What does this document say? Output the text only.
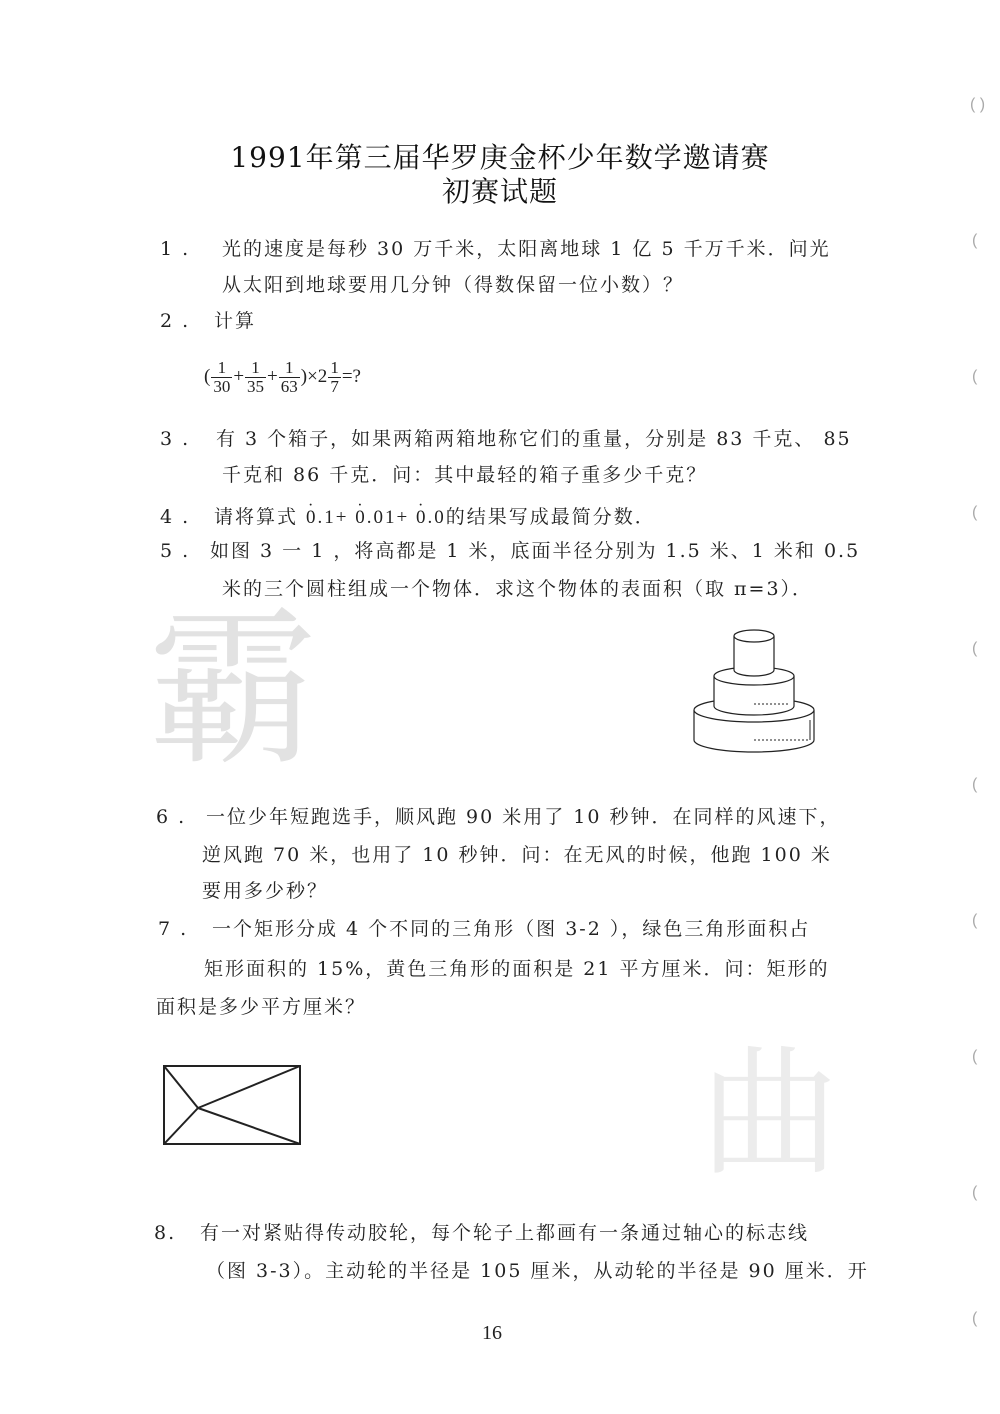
霸
曲
( )
(
(
(
(
(
(
(
(
(
1991年第三届华罗庚金杯少年数学邀请赛
初赛试题
1 . 光的速度是每秒 30 万千米，太阳离地球 1 亿 5 千万千米．问光
从太阳到地球要用几分钟（得数保留一位小数）？
2 . 计算
( $\frac{1}{30} + \frac{1}{35} + \frac{1}{63} )\times 2 \frac{1}{7}$ =?
3 . 有 3 个箱子，如果两箱两箱地称它们的重量，分别是 83 千克、 85
千克和 86 千克．问：其中最轻的箱子重多少千克？
4 . 请将算式 0.1 ·+ 0.01 ·+ 0.0 ·的结果写成最简分数．
5 . 如图 3 一 1 ，将高都是 1 米，底面半径分别为 1.5 米、1 米和 0.5
米的三个圆柱组成一个物体．求这个物体的表面积（取 π=3）．
6 . 一位少年短跑选手，顺风跑 90 米用了 10 秒钟．在同样的风速下，
逆风跑 70 米，也用了 10 秒钟．问：在无风的时候，他跑 100 米
要用多少秒？
7 . 一个矩形分成 4 个不同的三角形（图 3-2 ），绿色三角形面积占
矩形面积的 15%，黄色三角形的面积是 21 平方厘米．问：矩形的
面积是多少平方厘米？
8. 有一对紧贴得传动胶轮，每个轮子上都画有一条通过轴心的标志线
（图 3-3）。主动轮的半径是 105 厘米，从动轮的半径是 90 厘米．开
16
